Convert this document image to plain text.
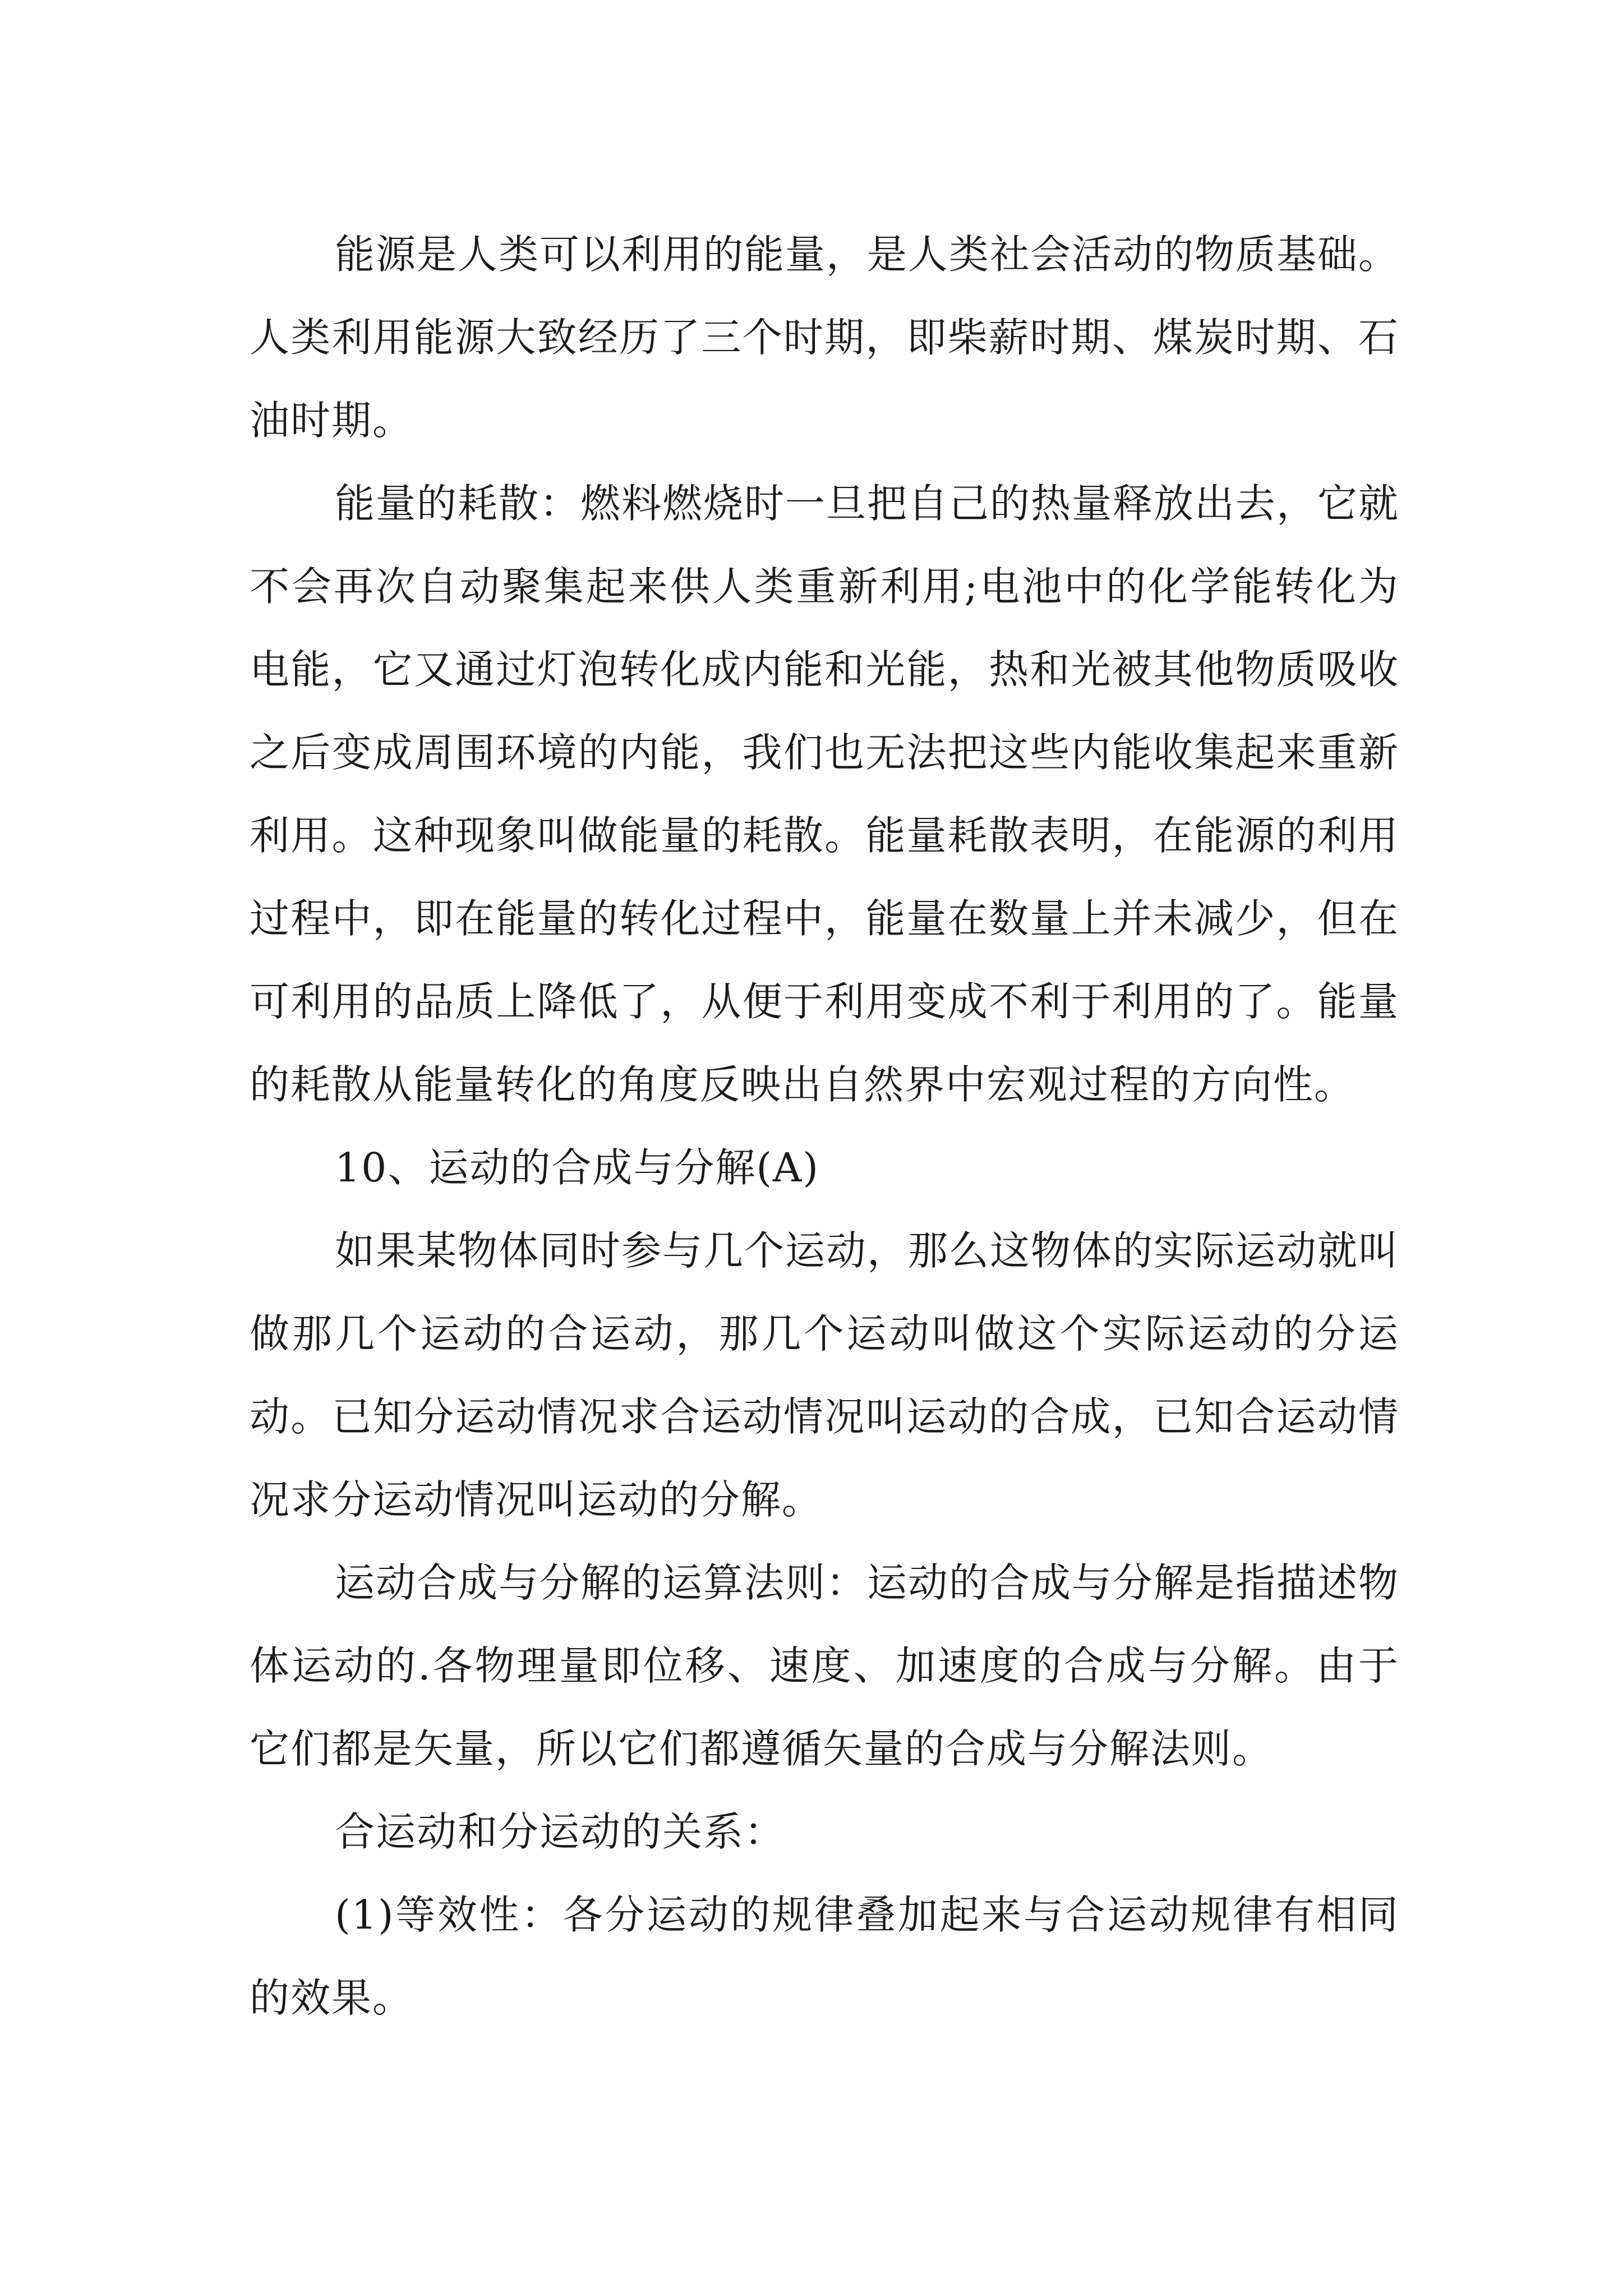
能源是人类可以利用的能量，是人类社会活动的物质基础。人类利用能源大致经历了三个时期，即柴薪时期、煤炭时期、石油时期。

能量的耗散：燃料燃烧时一旦把自己的热量释放出去，它就不会再次自动聚集起来供人类重新利用;电池中的化学能转化为电能，它又通过灯泡转化成内能和光能，热和光被其他物质吸收之后变成周围环境的内能，我们也无法把这些内能收集起来重新利用。这种现象叫做能量的耗散。能量耗散表明，在能源的利用过程中，即在能量的转化过程中，能量在数量上并未减少，但在可利用的品质上降低了，从便于利用变成不利于利用的了。能量的耗散从能量转化的角度反映出自然界中宏观过程的方向性。

10、运动的合成与分解(A)

如果某物体同时参与几个运动，那么这物体的实际运动就叫做那几个运动的合运动，那几个运动叫做这个实际运动的分运动。已知分运动情况求合运动情况叫运动的合成，已知合运动情况求分运动情况叫运动的分解。

运动合成与分解的运算法则：运动的合成与分解是指描述物体运动的.各物理量即位移、速度、加速度的合成与分解。由于它们都是矢量，所以它们都遵循矢量的合成与分解法则。

合运动和分运动的关系：

(1)等效性：各分运动的规律叠加起来与合运动规律有相同的效果。
